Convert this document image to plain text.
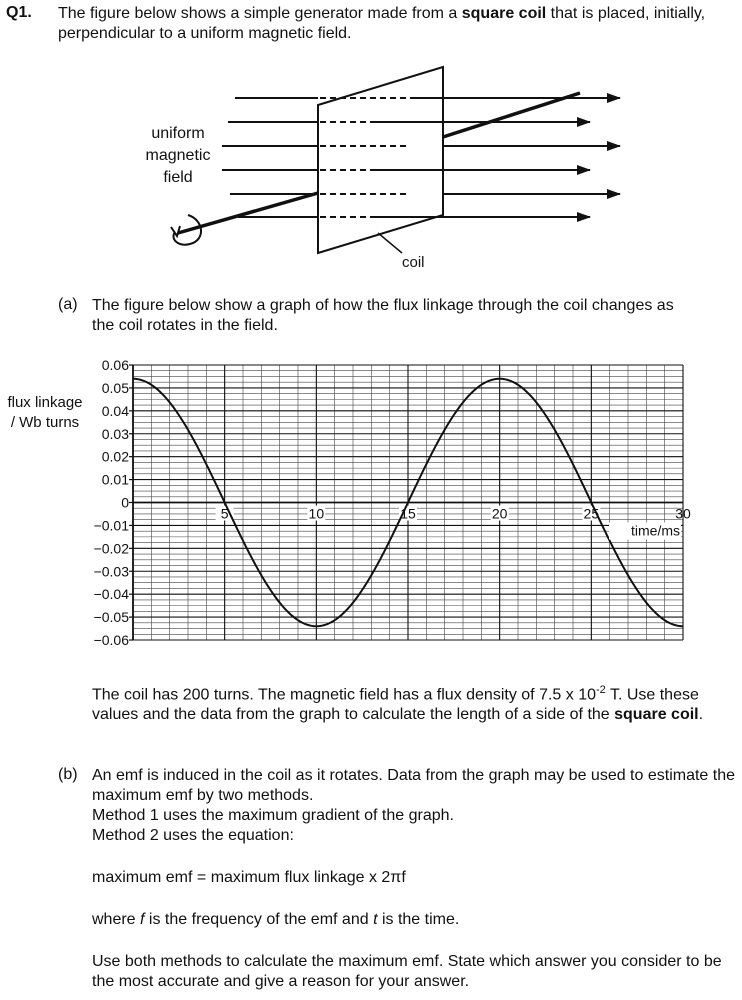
Q1. The figure below shows a simple generator made from a square coil that is placed, initially, perpendicular to a uniform magnetic field.
coil
uniform
magnetic
field
(a) The figure below show a graph of how the flux linkage through the coil changes as the coil rotates in the field.
flux linkage / Wb turns
0.06
0.05
0.04
0.03
0.02
0.01
0
−0.01
−0.02
−0.03
−0.04
−0.05
−0.06
5	10	15	20	25	30
time/ms
The coil has 200 turns. The magnetic field has a flux density of 7.5 x $10^{-2}$ T. Use these values and the data from the graph to calculate the length of a side of the square coil.
(b) An emf is induced in the coil as it rotates. Data from the graph may be used to estimate the maximum emf by two methods.
Method 1 uses the maximum gradient of the graph.
Method 2 uses the equation:
maximum emf = maximum flux linkage x 2πf
where f is the frequency of the emf and t is the time.
Use both methods to calculate the maximum emf. State which answer you consider to be the most accurate and give a reason for your answer.
